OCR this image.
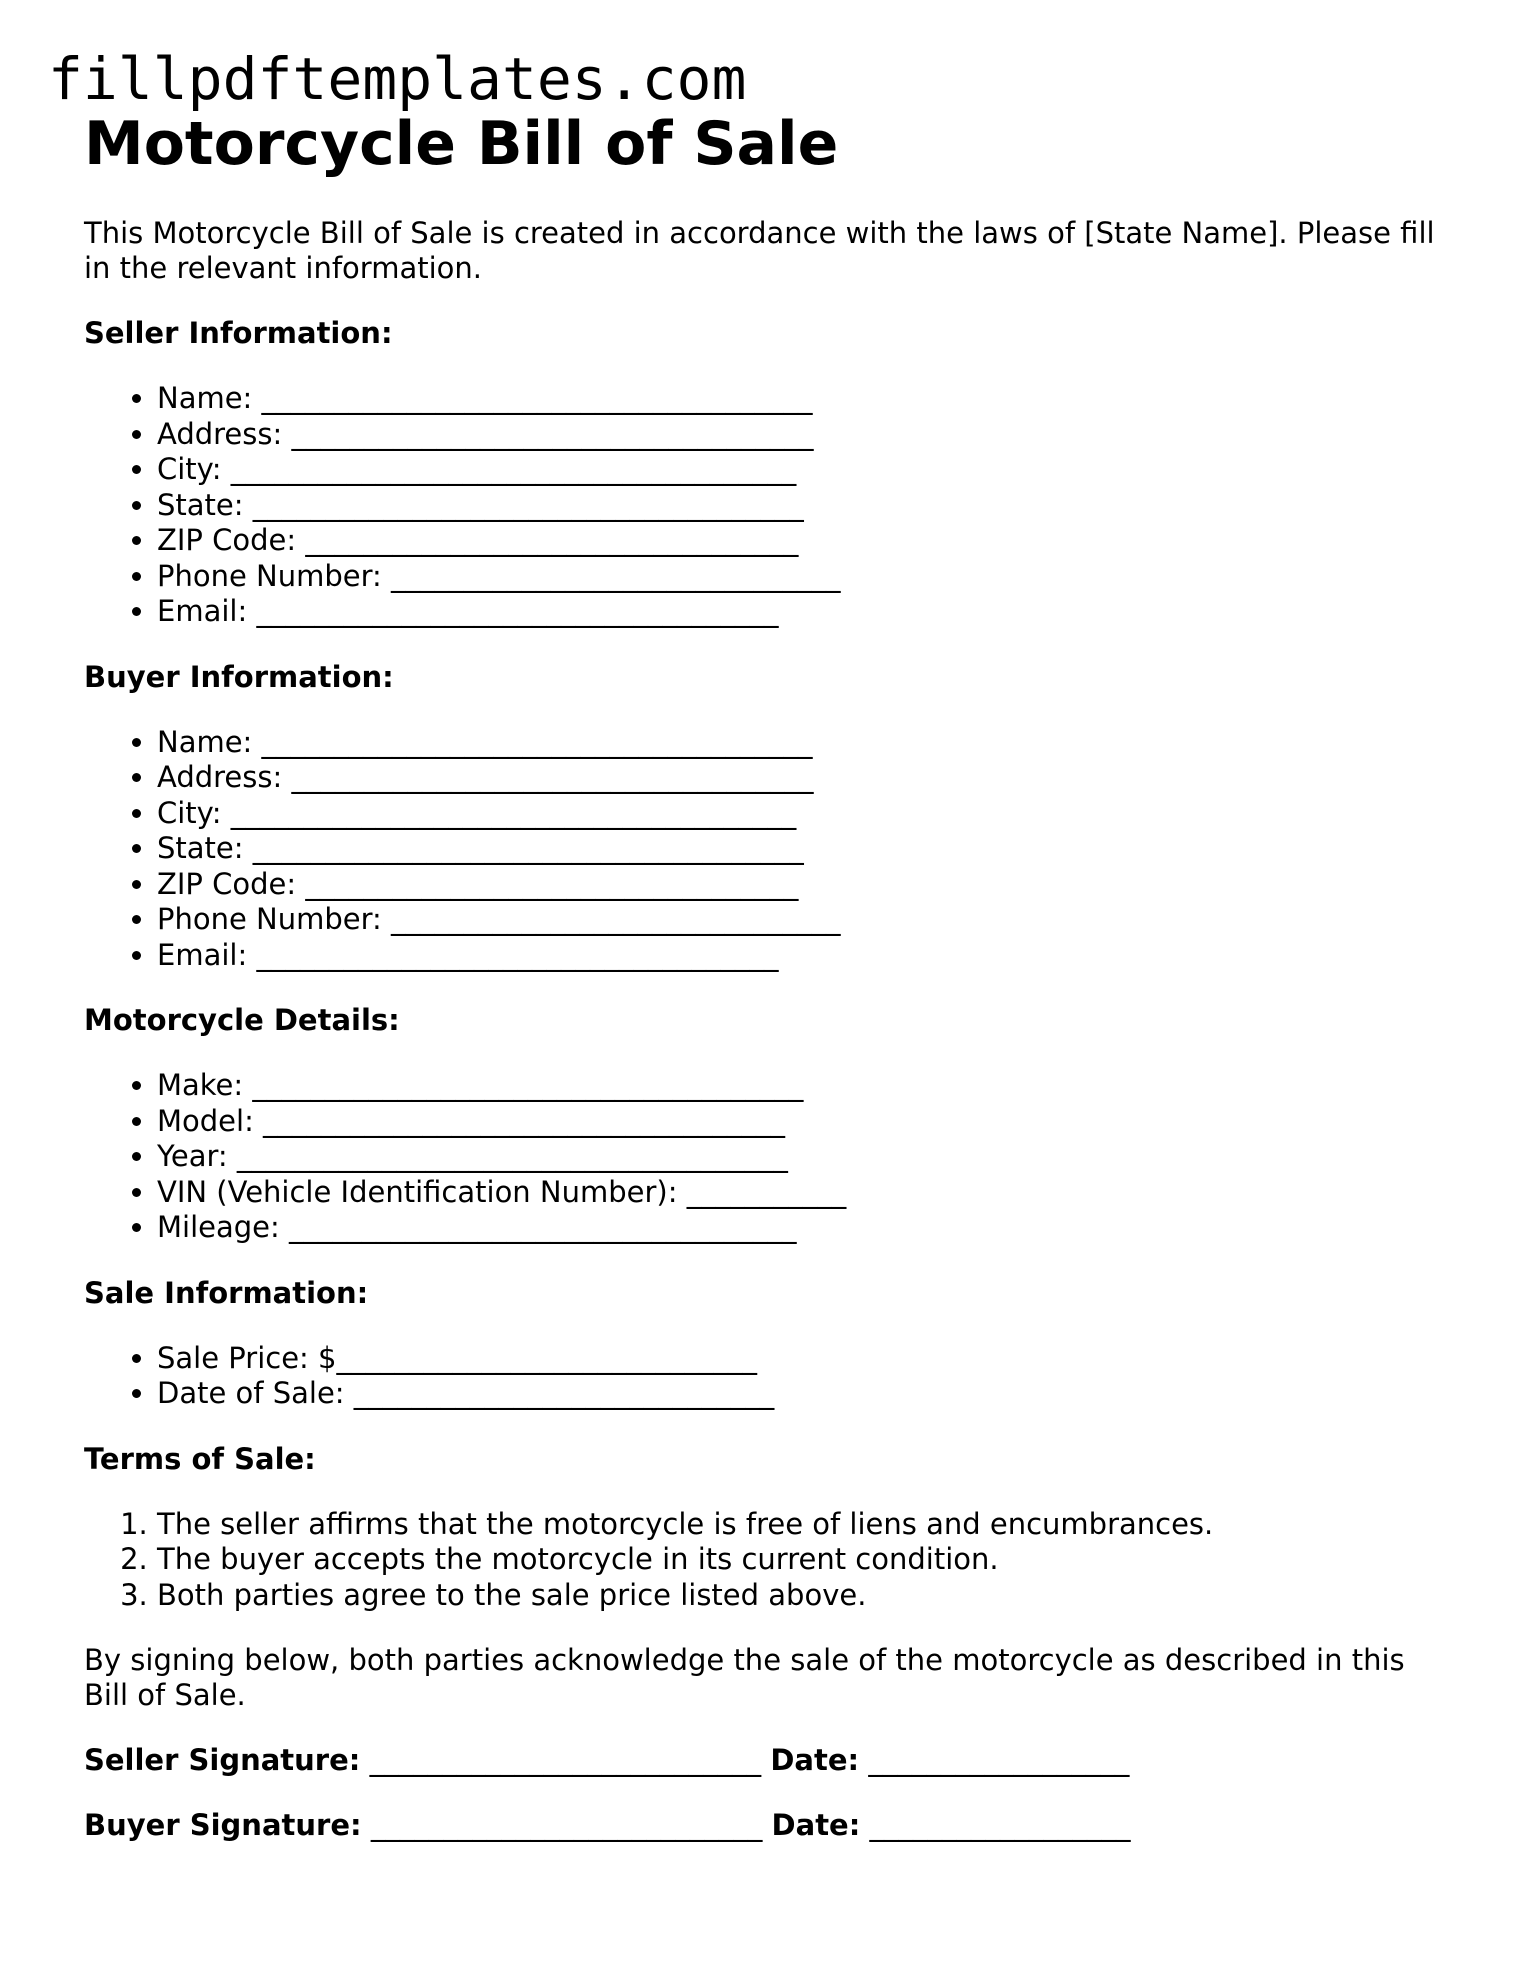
fillpdftemplates.com
Motorcycle Bill of Sale

This Motorcycle Bill of Sale is created in accordance with the laws of [State Name]. Please fill in the relevant information.

Seller Information:
• Name: ______________________________________
• Address: ____________________________________
• City: _______________________________________
• State: ______________________________________
• ZIP Code: __________________________________
• Phone Number: _______________________________
• Email: ____________________________________
Buyer Information:
• Name: ______________________________________
• Address: ____________________________________
• City: _______________________________________
• State: ______________________________________
• ZIP Code: __________________________________
• Phone Number: _______________________________
• Email: ____________________________________
Motorcycle Details:
• Make: ______________________________________
• Model: ____________________________________
• Year: ______________________________________
• VIN (Vehicle Identification Number): ___________
• Mileage: ___________________________________
Sale Information:
• Sale Price: $_____________________________
• Date of Sale: _____________________________
Terms of Sale:
1. The seller affirms that the motorcycle is free of liens and encumbrances.
2. The buyer accepts the motorcycle in its current condition.
3. Both parties agree to the sale price listed above.

By signing below, both parties acknowledge the sale of the motorcycle as described in this Bill of Sale.

Seller Signature: ___________________________ Date: __________________
Buyer Signature: ___________________________ Date: __________________
